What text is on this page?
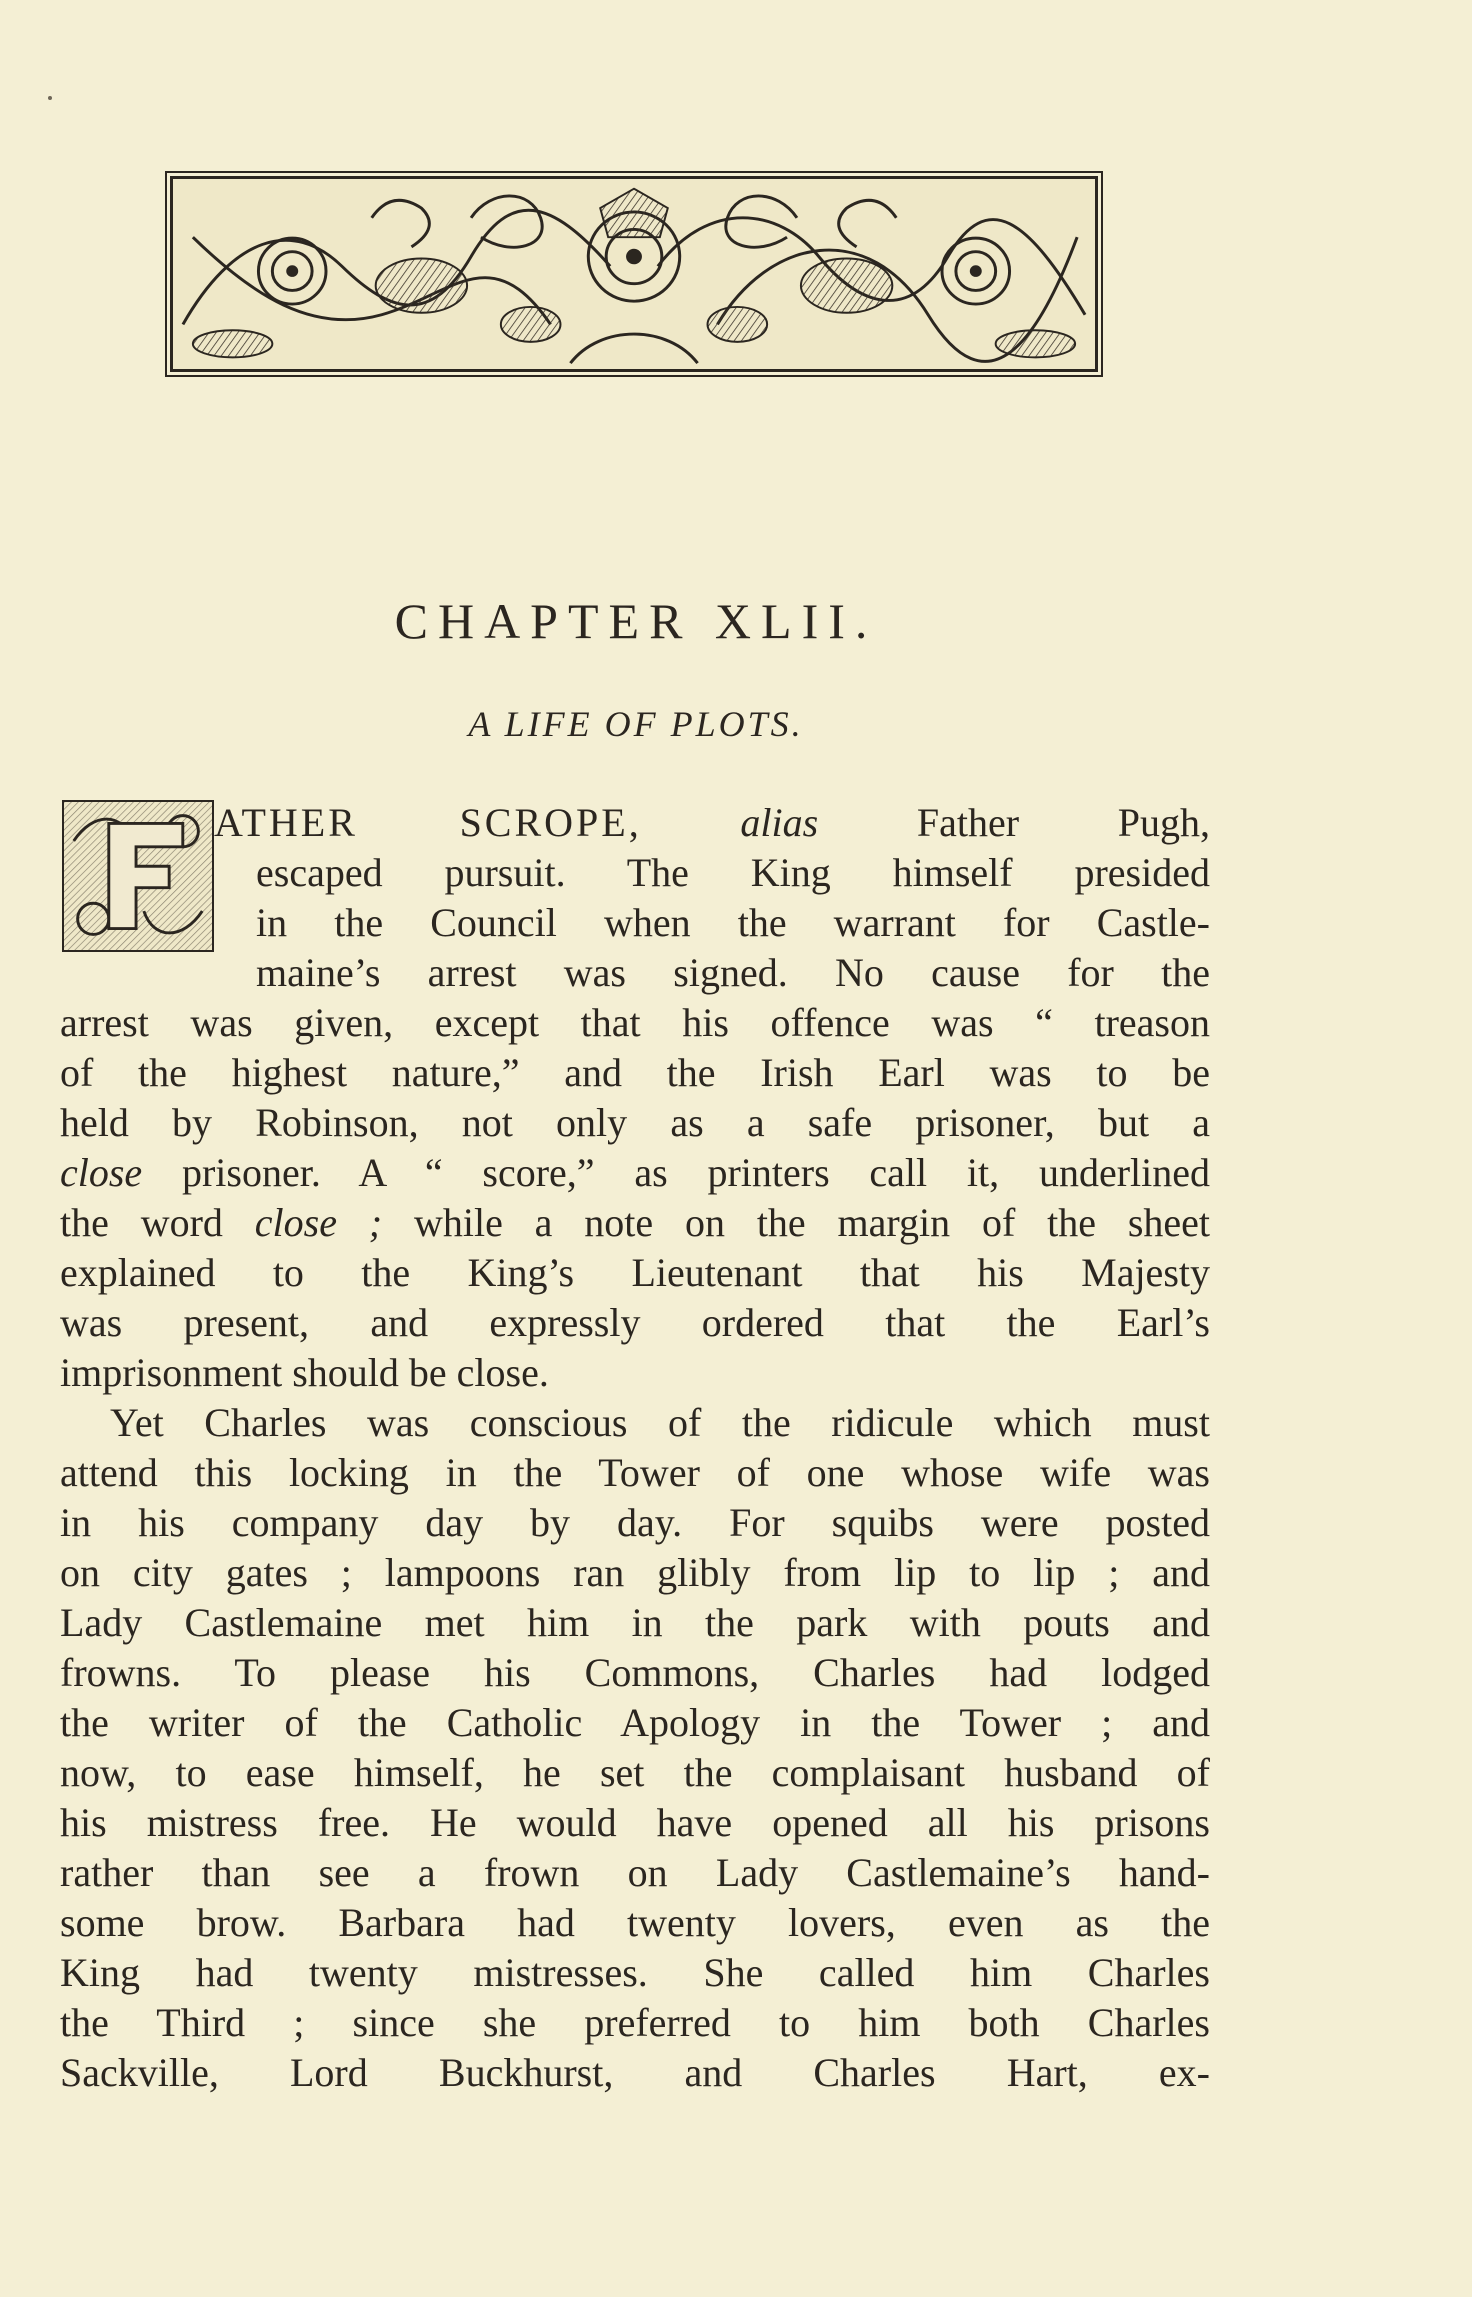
CHAPTER XLII.
A LIFE OF PLOTS.
ATHER SCROPE, alias Father Pugh,
escaped pursuit. The King himself presided
in the Council when the warrant for Castle-
maine’s arrest was signed. No cause for the
arrest was given, except that his offence was “ treason
of the highest nature,” and the Irish Earl was to be
held by Robinson, not only as a safe prisoner, but a
close prisoner. A “ score,” as printers call it, underlined
the word close ; while a note on the margin of the sheet
explained to the King’s Lieutenant that his Majesty
was present, and expressly ordered that the Earl’s
imprisonment should be close.
Yet Charles was conscious of the ridicule which must
attend this locking in the Tower of one whose wife was
in his company day by day. For squibs were posted
on city gates ; lampoons ran glibly from lip to lip ; and
Lady Castlemaine met him in the park with pouts and
frowns. To please his Commons, Charles had lodged
the writer of the Catholic Apology in the Tower ; and
now, to ease himself, he set the complaisant husband of
his mistress free. He would have opened all his prisons
rather than see a frown on Lady Castlemaine’s hand-
some brow. Barbara had twenty lovers, even as the
King had twenty mistresses. She called him Charles
the Third ; since she preferred to him both Charles
Sackville, Lord Buckhurst, and Charles Hart, ex-
